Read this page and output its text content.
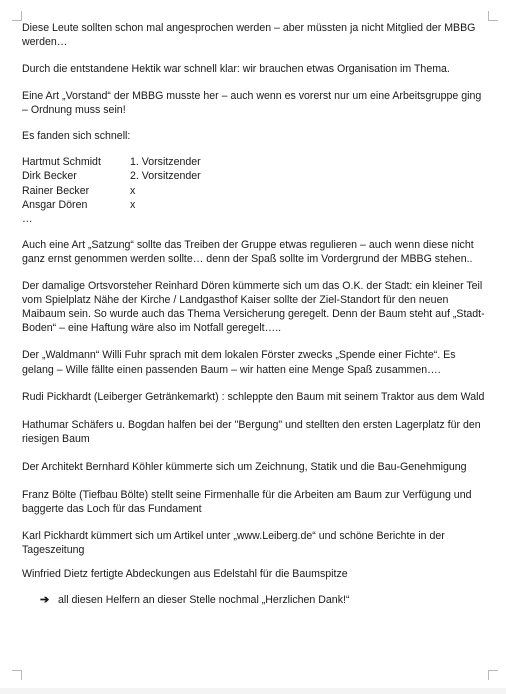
Diese Leute sollten schon mal angesprochen werden – aber müssten ja nicht Mitglied der MBBG werden…

Durch die entstandene Hektik war schnell klar: wir brauchen etwas Organisation im Thema.

Eine Art „Vorstand“ der MBBG musste her – auch wenn es vorerst nur um eine Arbeitsgruppe ging – Ordnung muss sein!

Es fanden sich schnell:

Hartmut Schmidt	1. Vorsitzender
Dirk Becker	2. Vorsitzender
Rainer Becker	x
Ansgar Dören	x
…

Auch eine Art „Satzung“ sollte das Treiben der Gruppe etwas regulieren – auch wenn diese nicht ganz ernst genommen werden sollte… denn der Spaß sollte im Vordergrund der MBBG stehen..

Der damalige Ortsvorsteher Reinhard Dören kümmerte sich um das O.K. der Stadt: ein kleiner Teil vom Spielplatz Nähe der Kirche / Landgasthof Kaiser sollte der Ziel-Standort für den neuen Maibaum sein. So wurde auch das Thema Versicherung geregelt. Denn der Baum steht auf „Stadt-Boden“ – eine Haftung wäre also im Notfall geregelt…..

Der „Waldmann“ Willi Fuhr sprach mit dem lokalen Förster zwecks „Spende einer Fichte“. Es gelang – Wille fällte einen passenden Baum – wir hatten eine Menge Spaß zusammen….

Rudi Pickhardt (Leiberger Getränkemarkt) : schleppte den Baum mit seinem Traktor aus dem Wald

Hathumar Schäfers u. Bogdan halfen bei der "Bergung" und stellten den ersten Lagerplatz für den riesigen Baum

Der Architekt Bernhard Köhler kümmerte sich um Zeichnung, Statik und die Bau-Genehmigung

Franz Bölte (Tiefbau Bölte) stellt seine Firmenhalle für die Arbeiten am Baum zur Verfügung und baggerte das Loch für das Fundament

Karl Pickhardt kümmert sich um Artikel unter „www.Leiberg.de“ und schöne Berichte in der Tageszeitung

Winfried Dietz fertigte Abdeckungen aus Edelstahl für die Baumspitze

➔ all diesen Helfern an dieser Stelle nochmal „Herzlichen Dank!“
